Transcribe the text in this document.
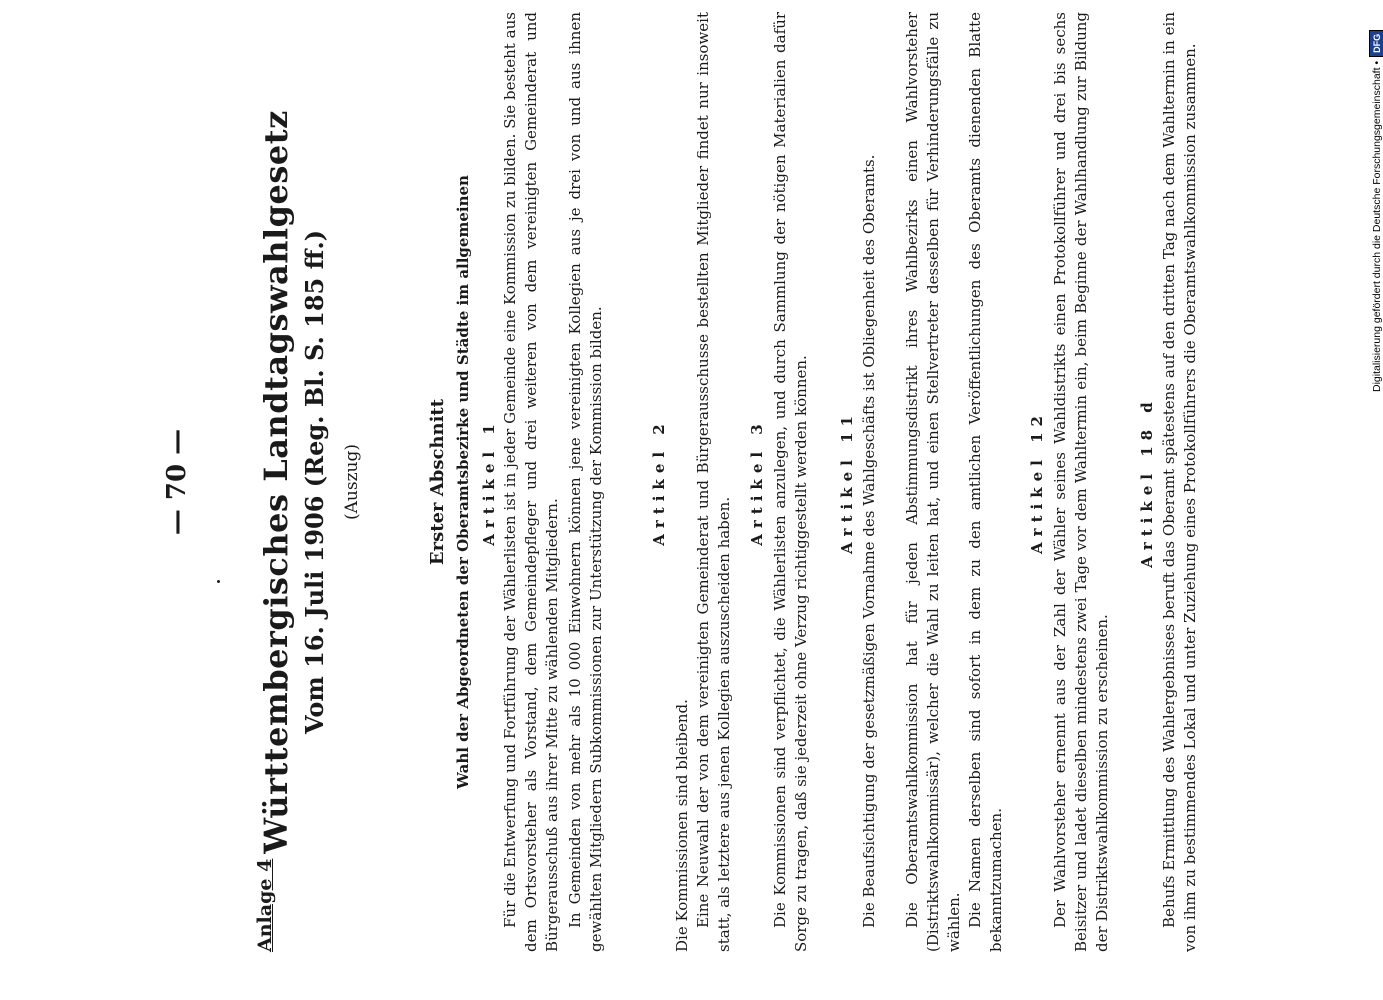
— 70 —
Anlage 4
Württembergisches Landtagswahlgesetz Vom 16. Juli 1906 (Reg. Bl. S. 185 ff.) (Auszug)	Erster Abschnitt Wahl der Abgeordneten der Oberamtsbezirke und Städte im allgemeinen Artikel 1 Für die Entwerfung und Fortführung der Wählerlisten ist in jeder Gemeinde eine Kommission zu bilden. Sie besteht aus dem Ortsvorsteher als Vorstand, dem Gemeindepfleger und drei weiteren von dem vereinigten Gemeinderat und Bürgerausschuß aus ihrer Mitte zu wählenden Mitgliedern. In Gemeinden von mehr als 10 000 Einwohnern können jene vereinigten Kollegien aus je drei von und aus ihnen gewählten Mitgliedern Subkommissionen zur Unterstützung der Kommission bilden.	Artikel 2
Die Kommissionen sind bleibend. Eine Neuwahl der von dem vereinigten Gemeinderat und Bürgerausschusse bestellten Mitglieder findet nur insoweit statt, als letztere aus jenen Kollegien auszuscheiden haben.
Artikel 3 Die Kommissionen sind verpflichtet, die Wählerlisten anzulegen, und durch Sammlung der nötigen Materialien dafür Sorge zu tragen, daß sie jederzeit ohne Verzug richtiggestellt werden können. Artikel 11 Die Beaufsichtigung der gesetzmäßigen Vornahme des Wahlgeschäfts ist Obliegenheit des Oberamts. Die Oberamtswahlkommission hat für jeden Abstimmungsdistrikt ihres Wahlbezirks einen Wahlvorsteher (Distriktswahlkommissär), welcher die Wahl zu leiten hat, und einen Stellvertreter desselben für Verhinderungsfälle zu wählen. Die Namen derselben sind sofort in dem zu den amtlichen Veröffentlichungen des Oberamts dienenden Blatte bekanntzumachen.
Artikel 12 Der Wahlvorsteher ernennt aus der Zahl der Wähler seines Wahldistrikts einen Protokollführer und drei bis sechs Beisitzer und ladet dieselben mindestens zwei Tage vor dem Wahltermin ein, beim Beginne der Wahlhandlung zur Bildung der Distriktswahlkommission zu erscheinen.
Artikel 18 d Behufs Ermittlung des Wahlergebnisses beruft das Oberamt spätestens auf den dritten Tag nach dem Wahltermin in ein von ihm zu bestimmendes Lokal und unter Zuziehung eines Protokollführers die Oberamtswahlkommission zusammen.	Digitalisierung gefördert durch die Deutsche Forschungsgemeinschaft •
DFG
